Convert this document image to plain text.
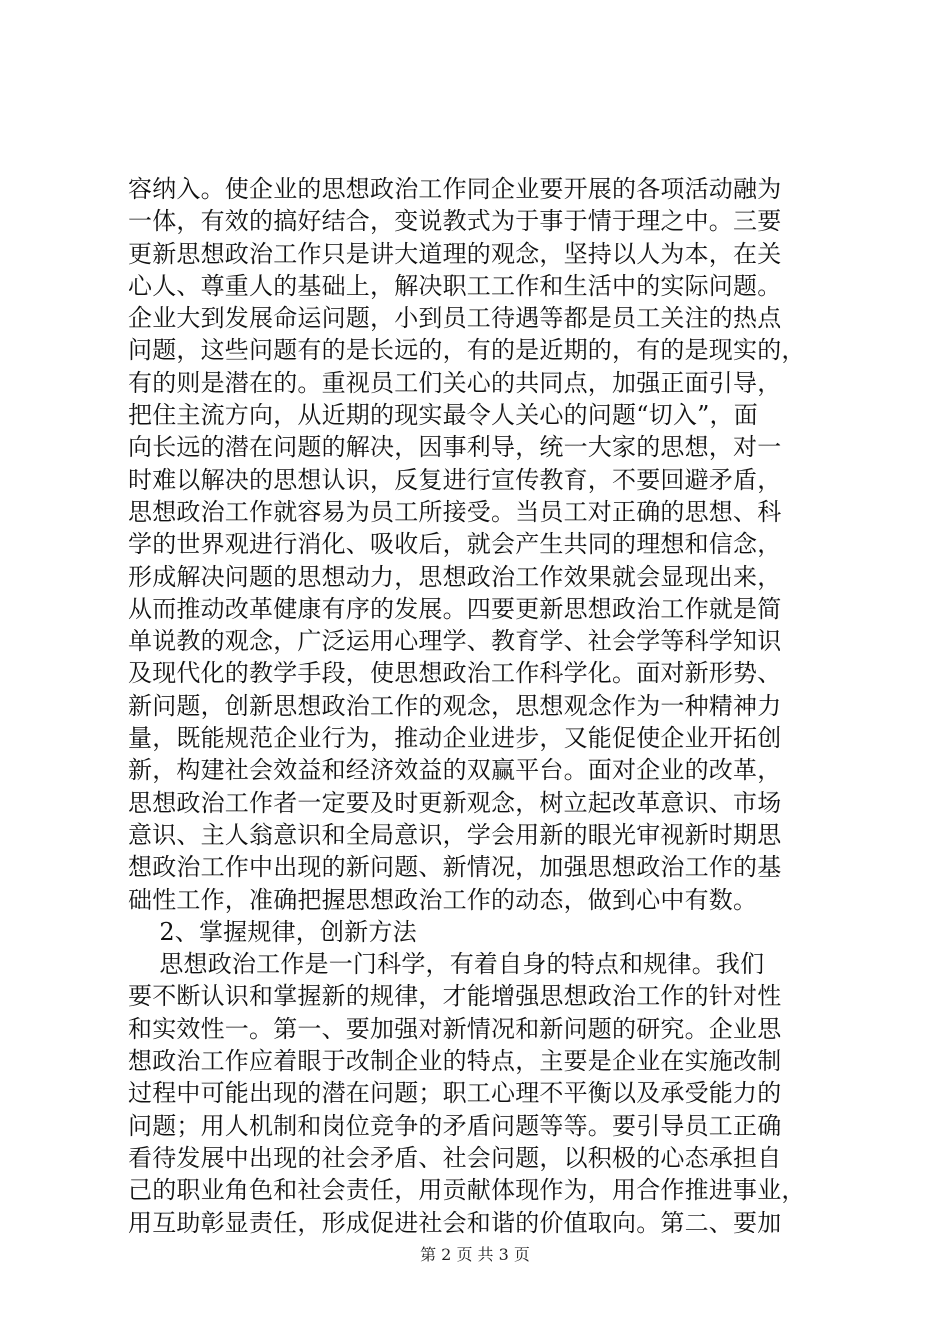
容纳入。使企业的思想政治工作同企业要开展的各项活动融为
一体，有效的搞好结合，变说教式为于事于情于理之中。三要
更新思想政治工作只是讲大道理的观念，坚持以人为本，在关
心人、尊重人的基础上，解决职工工作和生活中的实际问题。
企业大到发展命运问题，小到员工待遇等都是员工关注的热点
问题，这些问题有的是长远的，有的是近期的，有的是现实的，
有的则是潜在的。重视员工们关心的共同点，加强正面引导，
把住主流方向，从近期的现实最令人关心的问题“切入”，面
向长远的潜在问题的解决，因事利导，统一大家的思想，对一
时难以解决的思想认识，反复进行宣传教育，不要回避矛盾，
思想政治工作就容易为员工所接受。当员工对正确的思想、科
学的世界观进行消化、吸收后，就会产生共同的理想和信念，
形成解决问题的思想动力，思想政治工作效果就会显现出来，
从而推动改革健康有序的发展。四要更新思想政治工作就是简
单说教的观念，广泛运用心理学、教育学、社会学等科学知识
及现代化的教学手段，使思想政治工作科学化。面对新形势、
新问题，创新思想政治工作的观念，思想观念作为一种精神力
量，既能规范企业行为，推动企业进步，又能促使企业开拓创
新，构建社会效益和经济效益的双赢平台。面对企业的改革，
思想政治工作者一定要及时更新观念，树立起改革意识、市场
意识、主人翁意识和全局意识，学会用新的眼光审视新时期思
想政治工作中出现的新问题、新情况，加强思想政治工作的基
础性工作，准确把握思想政治工作的动态，做到心中有数。
2、掌握规律，创新方法
思想政治工作是一门科学，有着自身的特点和规律。我们
要不断认识和掌握新的规律，才能增强思想政治工作的针对性
和实效性一。第一、要加强对新情况和新问题的研究。企业思
想政治工作应着眼于改制企业的特点，主要是企业在实施改制
过程中可能出现的潜在问题；职工心理不平衡以及承受能力的
问题；用人机制和岗位竞争的矛盾问题等等。要引导员工正确
看待发展中出现的社会矛盾、社会问题，以积极的心态承担自
己的职业角色和社会责任，用贡献体现作为，用合作推进事业，
用互助彰显责任，形成促进社会和谐的价值取向。第二、要加
第 2 页 共 3 页
